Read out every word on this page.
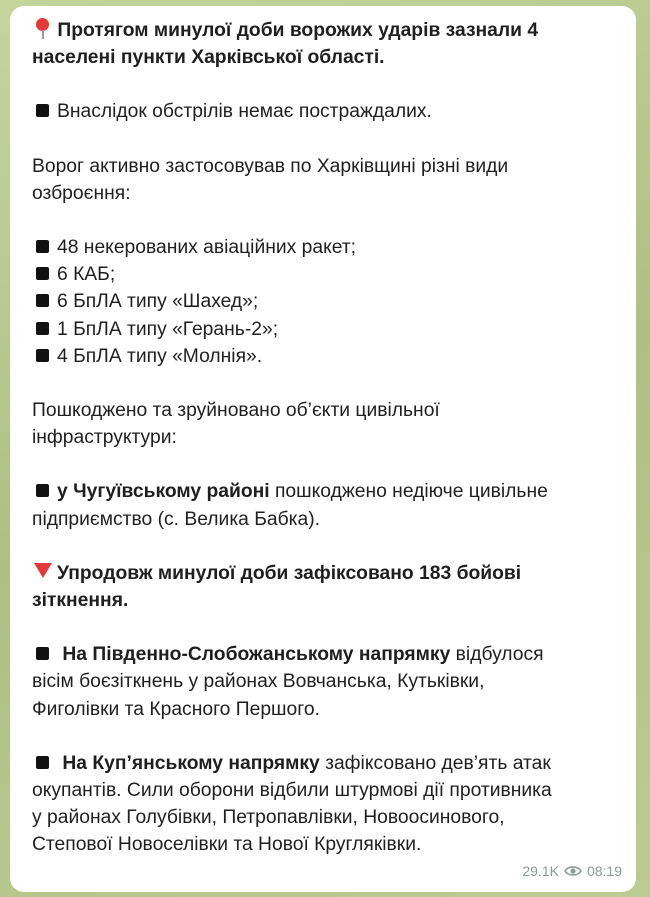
Протягом минулої доби ворожих ударів зазнали 4
населені пункти Харківської області.

Внаслідок обстрілів немає постраждалих.

Ворог активно застосовував по Харківщині різні види
озброєння:

48 некерованих авіаційних ракет;
6 КАБ;
6 БпЛА типу «Шахед»;
1 БпЛА типу «Герань-2»;
4 БпЛА типу «Молнія».

Пошкоджено та зруйновано об’єкти цивільної
інфраструктури:

у Чугуївському районі пошкоджено недіюче цивільне
підприємство (с. Велика Бабка).

Упродовж минулої доби зафіксовано 183 бойові
зіткнення.

На Південно-Слобожанському напрямку відбулося
вісім боєзіткнень у районах Вовчанська, Кутьківки,
Фиголівки та Красного Першого.

На Куп’янському напрямку зафіксовано дев’ять атак
окупантів. Сили оборони відбили штурмові дії противника
у районах Голубівки, Петропавлівки, Новоосинового,
Степової Новоселівки та Нової Кругляківки.

29.1K 08:19
